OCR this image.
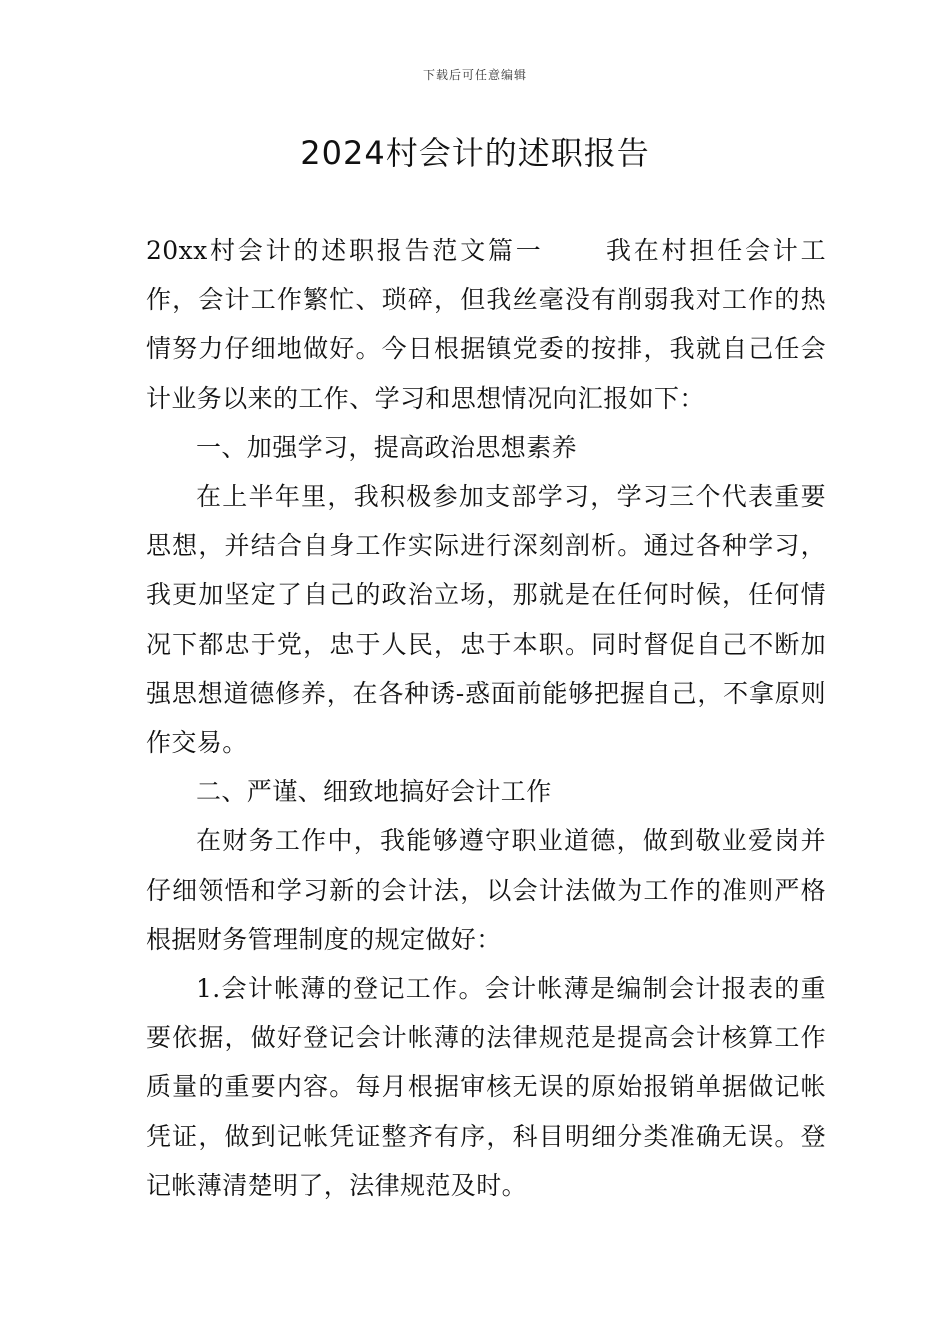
下载后可任意编辑
2024村会计的述职报告

20xx村会计的述职报告范文篇一 我在村担任会计工作，会计工作繁忙、琐碎，但我丝毫没有削弱我对工作的热情努力仔细地做好。今日根据镇党委的按排，我就自己任会计业务以来的工作、学习和思想情况向汇报如下：

一、加强学习，提高政治思想素养

在上半年里，我积极参加支部学习，学习三个代表重要思想，并结合自身工作实际进行深刻剖析。通过各种学习，我更加坚定了自己的政治立场，那就是在任何时候，任何情况下都忠于党，忠于人民，忠于本职。同时督促自己不断加强思想道德修养，在各种诱-惑面前能够把握自己，不拿原则作交易。

二、严谨、细致地搞好会计工作

在财务工作中，我能够遵守职业道德，做到敬业爱岗并仔细领悟和学习新的会计法，以会计法做为工作的准则严格根据财务管理制度的规定做好：

1.会计帐薄的登记工作。会计帐薄是编制会计报表的重要依据，做好登记会计帐薄的法律规范是提高会计核算工作质量的重要内容。每月根据审核无误的原始报销单据做记帐凭证，做到记帐凭证整齐有序，科目明细分类准确无误。登记帐薄清楚明了，法律规范及时。
